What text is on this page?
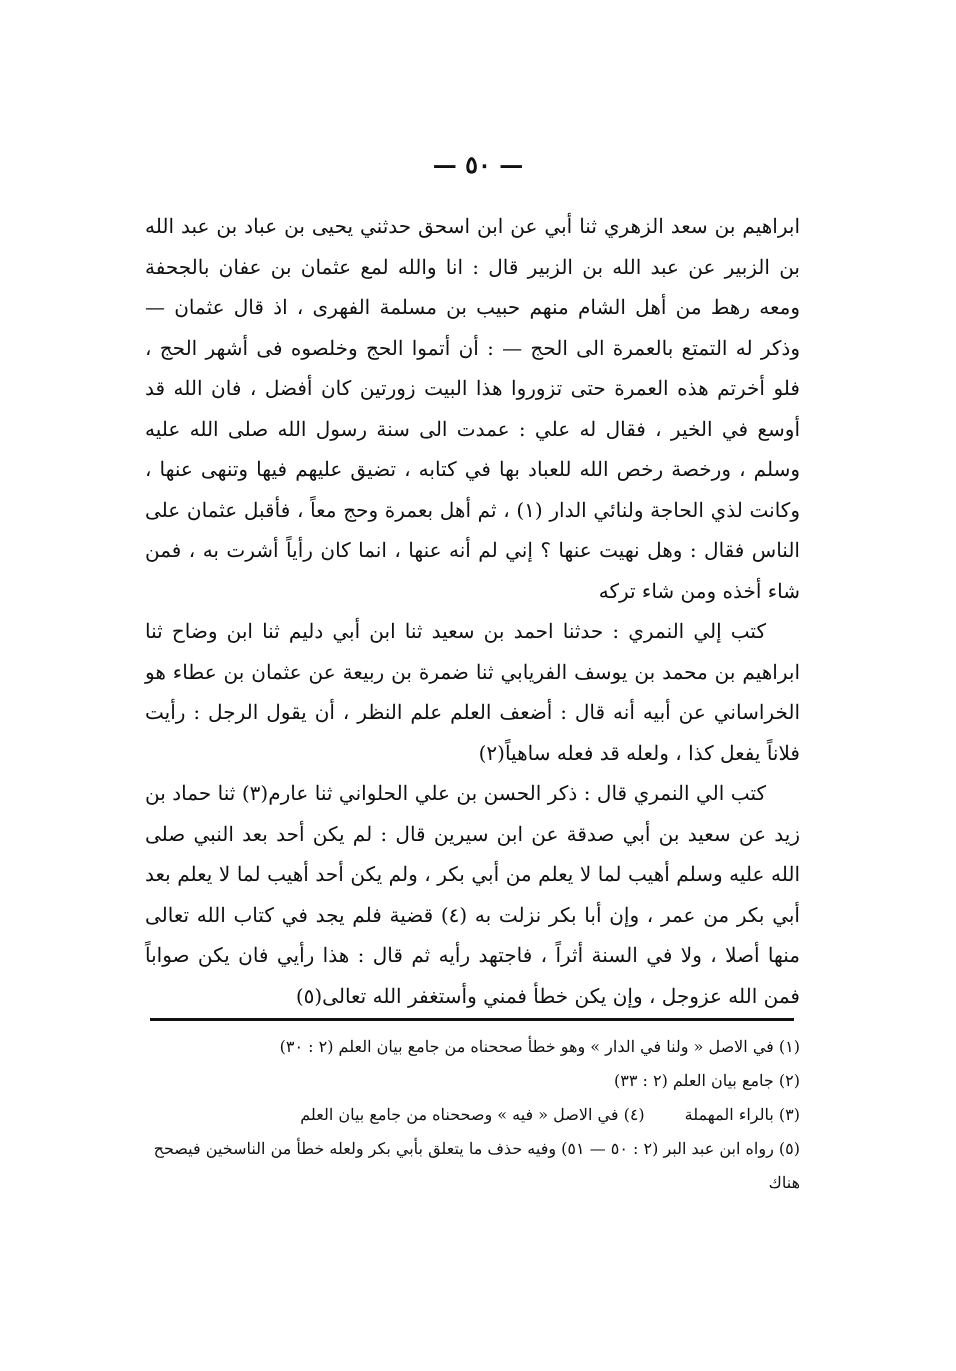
— ٥٠ —

ابراهيم بن سعد الزهري ثنا أبي عن ابن اسحق حدثني يحيى بن عباد بن عبد الله بن الزبير عن عبد الله بن الزبير قال : انا والله لمع عثمان بن عفان بالجحفة ومعه رهط من أهل الشام منهم حبيب بن مسلمة الفهرى ، اذ قال عثمان — وذكر له التمتع بالعمرة الى الحج — : أن أتموا الحج وخلصوه فى أشهر الحج ، فلو أخرتم هذه العمرة حتى تزوروا هذا البيت زورتين كان أفضل ، فان الله قد أوسع في الخير ، فقال له علي : عمدت الى سنة رسول الله صلى الله عليه وسلم ، ورخصة رخص الله للعباد بها في كتابه ، تضيق عليهم فيها وتنهى عنها ، وكانت لذي الحاجة ولنائي الدار (١) ، ثم أهل بعمرة وحج معاً ، فأقبل عثمان على الناس فقال : وهل نهيت عنها ؟ إني لم أنه عنها ، انما كان رأياً أشرت به ، فمن شاء أخذه ومن شاء تركه

كتب إلي النمري : حدثنا احمد بن سعيد ثنا ابن أبي دليم ثنا ابن وضاح ثنا ابراهيم بن محمد بن يوسف الفريابي ثنا ضمرة بن ربيعة عن عثمان بن عطاء هو الخراساني عن أبيه أنه قال : أضعف العلم علم النظر ، أن يقول الرجل : رأيت فلاناً يفعل كذا ، ولعله قد فعله ساهياً(٢)

كتب الي النمري قال : ذكر الحسن بن علي الحلواني ثنا عارم(٣) ثنا حماد بن زيد عن سعيد بن أبي صدقة عن ابن سيرين قال : لم يكن أحد بعد النبي صلى الله عليه وسلم أهيب لما لا يعلم من أبي بكر ، ولم يكن أحد أهيب لما لا يعلم بعد أبي بكر من عمر ، وإن أبا بكر نزلت به (٤) قضية فلم يجد في كتاب الله تعالى منها أصلا ، ولا في السنة أثراً ، فاجتهد رأيه ثم قال : هذا رأيي فان يكن صواباً فمن الله عزوجل ، وإن يكن خطأ فمني وأستغفر الله تعالى(٥)

(١) في الاصل « ولنا في الدار » وهو خطأ صححناه من جامع بيان العلم (٢ : ٣٠)

(٢) جامع بيان العلم (٢ : ٣٣)

(٣) بالراء المهملة

(٤) في الاصل « فيه » وصححناه من جامع بيان العلم

(٥) رواه ابن عبد البر (٢ : ٥٠ — ٥١) وفيه حذف ما يتعلق بأبي بكر ولعله خطأ من الناسخين فيصحح هناك
